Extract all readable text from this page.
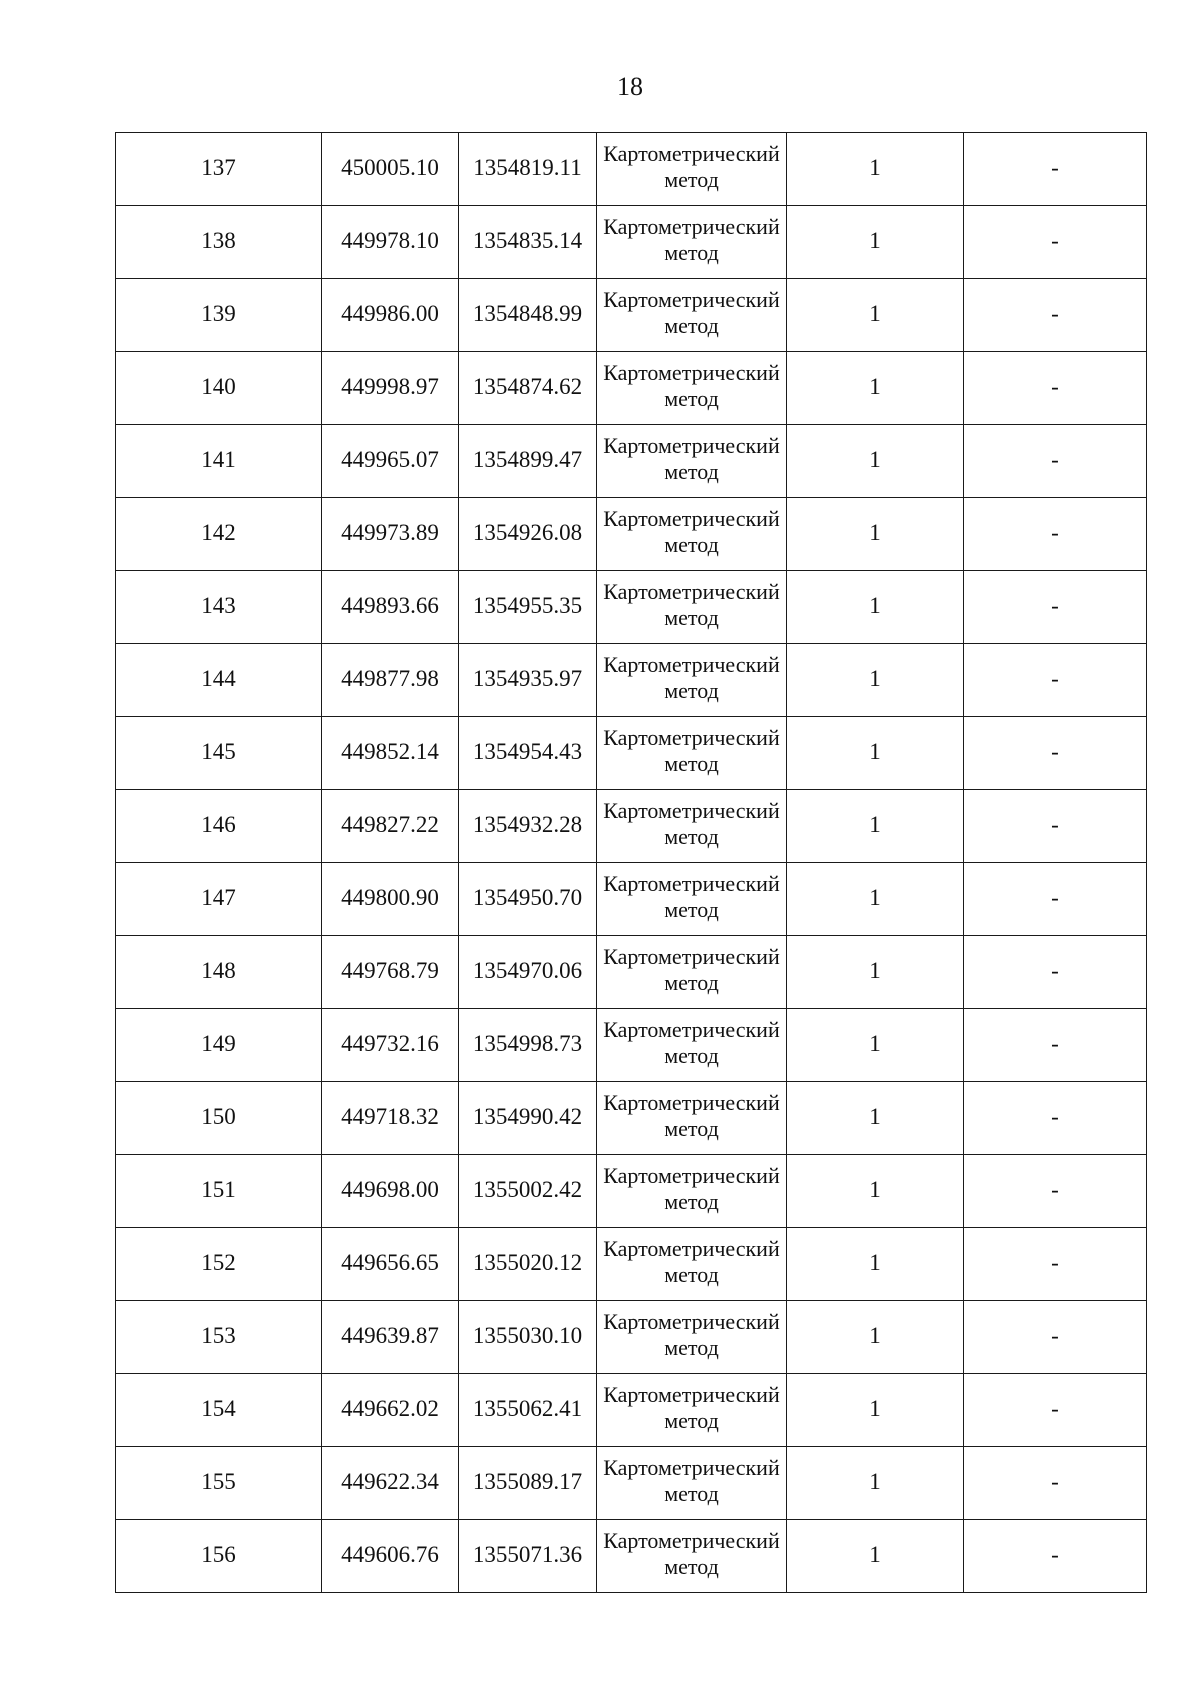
18
137	450005.10	1354819.11	Картометрический метод	1	-
138	449978.10	1354835.14	Картометрический метод	1	-
139	449986.00	1354848.99	Картометрический метод	1	-
140	449998.97	1354874.62	Картометрический метод	1	-
141	449965.07	1354899.47	Картометрический метод	1	-
142	449973.89	1354926.08	Картометрический метод	1	-
143	449893.66	1354955.35	Картометрический метод	1	-
144	449877.98	1354935.97	Картометрический метод	1	-
145	449852.14	1354954.43	Картометрический метод	1	-
146	449827.22	1354932.28	Картометрический метод	1	-
147	449800.90	1354950.70	Картометрический метод	1	-
148	449768.79	1354970.06	Картометрический метод	1	-
149	449732.16	1354998.73	Картометрический метод	1	-
150	449718.32	1354990.42	Картометрический метод	1	-
151	449698.00	1355002.42	Картометрический метод	1	-
152	449656.65	1355020.12	Картометрический метод	1	-
153	449639.87	1355030.10	Картометрический метод	1	-
154	449662.02	1355062.41	Картометрический метод	1	-
155	449622.34	1355089.17	Картометрический метод	1	-
156	449606.76	1355071.36	Картометрический метод	1	-
